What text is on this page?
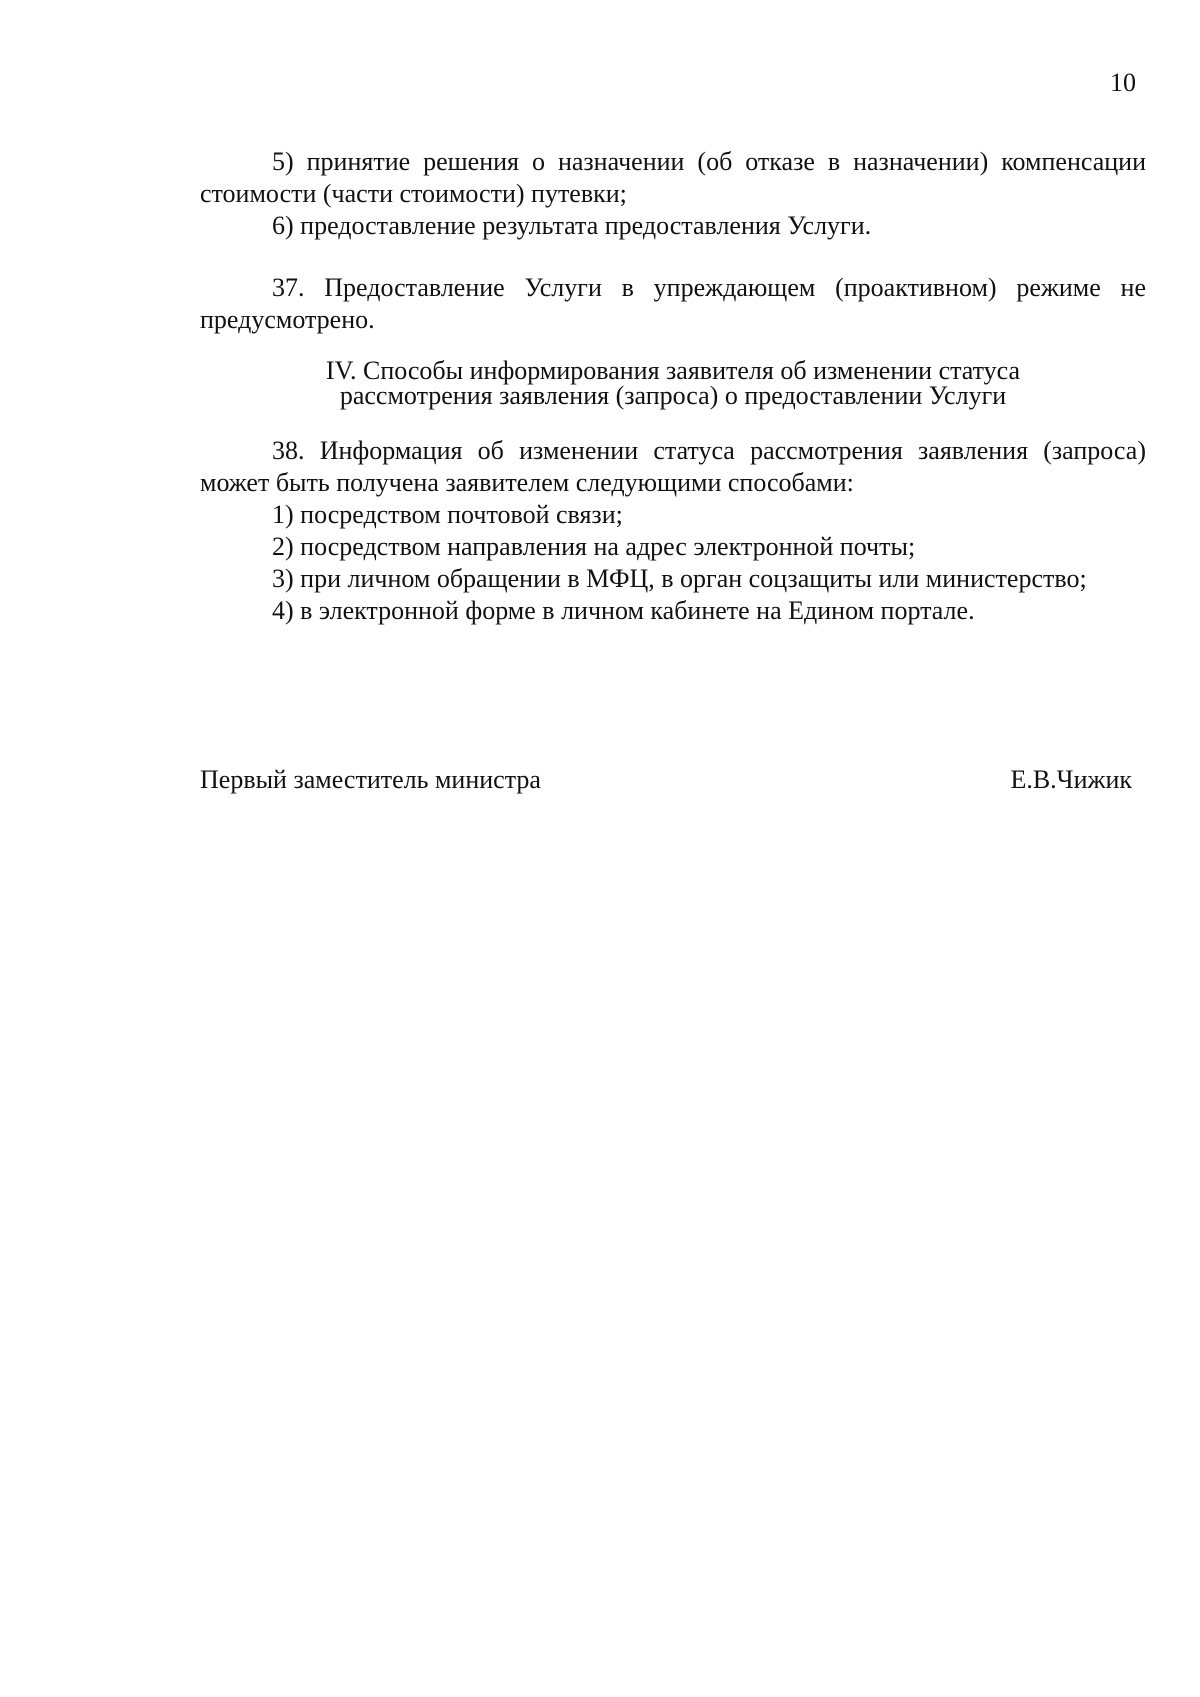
10

5) принятие решения о назначении (об отказе в назначении) компенсации стоимости (части стоимости) путевки;

6) предоставление результата предоставления Услуги.

37. Предоставление Услуги в упреждающем (проактивном) режиме не предусмотрено.

IV. Способы информирования заявителя об изменении статуса
рассмотрения заявления (запроса) о предоставлении Услуги

38. Информация об изменении статуса рассмотрения заявления (запроса) может быть получена заявителем следующими способами:

1) посредством почтовой связи;

2) посредством направления на адрес электронной почты;

3) при личном обращении в МФЦ, в орган соцзащиты или министерство;

4) в электронной форме в личном кабинете на Едином портале.

Первый заместитель министра	Е.В.Чижик
